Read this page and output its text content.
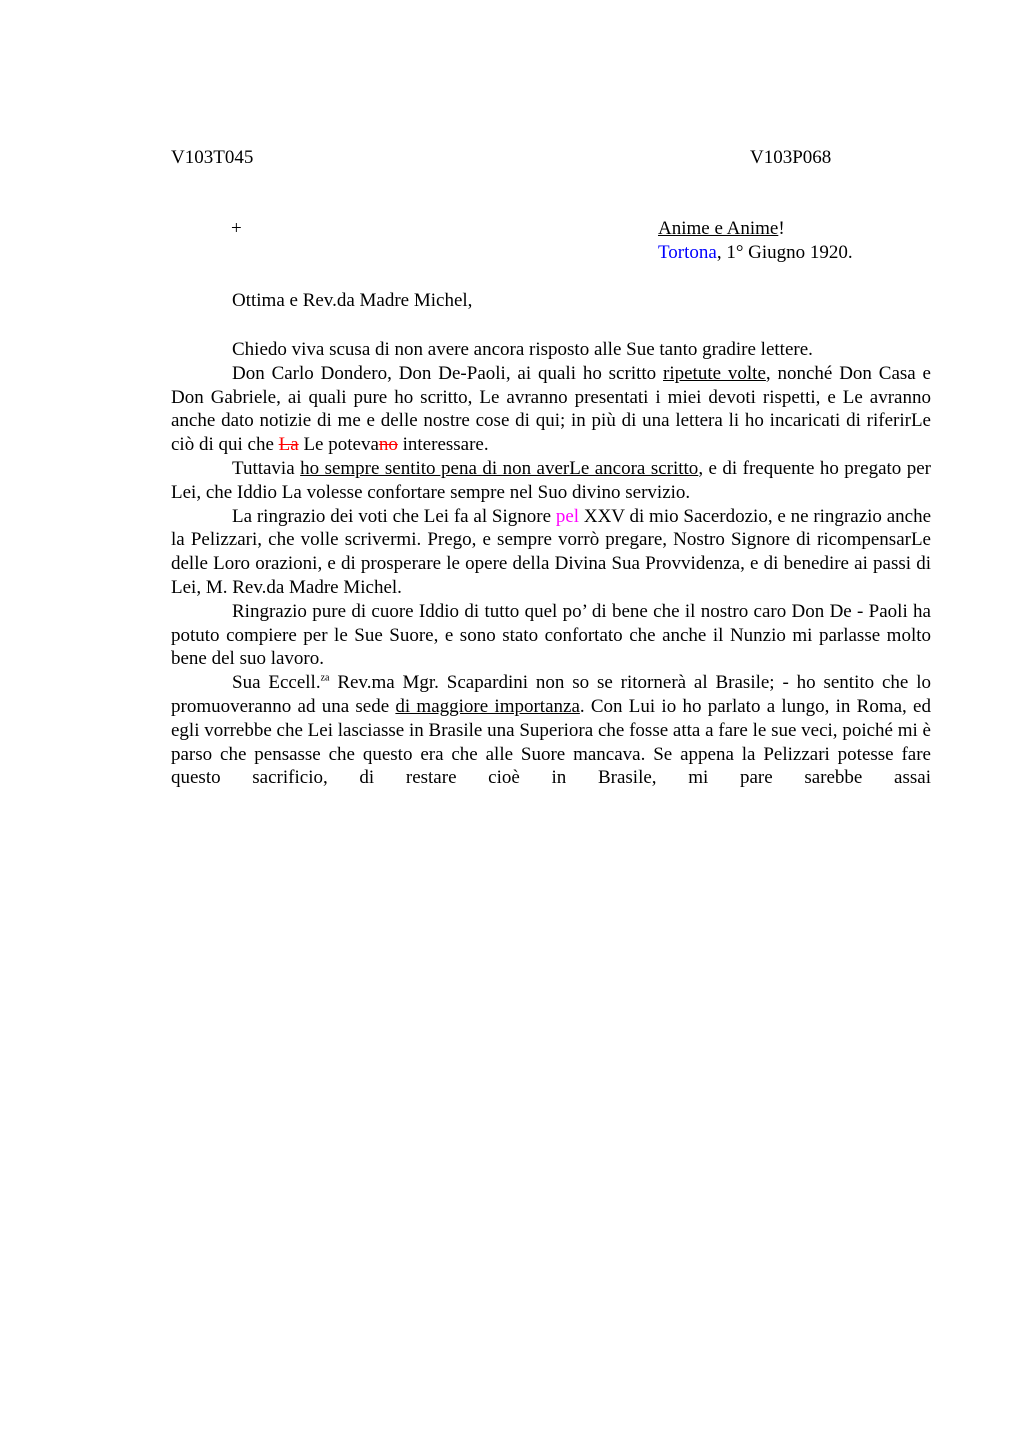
V103T045	V103P068
+	Anime e Anime!
Tortona, 1° Giugno 1920.
Ottima e Rev.da Madre Michel,

Chiedo viva scusa di non avere ancora risposto alle Sue tanto gradire lettere.

Don Carlo Dondero, Don De-Paoli, ai quali ho scritto ripetute volte, nonché Don Casa e Don Gabriele, ai quali pure ho scritto, Le avranno presentati i miei devoti rispetti, e Le avranno anche dato notizie di me e delle nostre cose di qui; in più di una lettera li ho incaricati di riferirLe ciò di qui che La Le potevano interessare.

Tuttavia ho sempre sentito pena di non averLe ancora scritto, e di frequente ho pregato per Lei, che Iddio La volesse confortare sempre nel Suo divino servizio.

La ringrazio dei voti che Lei fa al Signore pel XXV di mio Sacerdozio, e ne ringrazio anche la Pelizzari, che volle scrivermi. Prego, e sempre vorrò pregare, Nostro Signore di ricompensarLe delle Loro orazioni, e di prosperare le opere della Divina Sua Provvidenza, e di benedire ai passi di Lei, M. Rev.da Madre Michel.

Ringrazio pure di cuore Iddio di tutto quel po’ di bene che il nostro caro Don De - Paoli ha potuto compiere per le Sue Suore, e sono stato confortato che anche il Nunzio mi parlasse molto bene del suo lavoro.

Sua Eccell.$^{za}$ Rev.ma Mgr. Scapardini non so se ritornerà al Brasile; - ho sentito che lo promuoveranno ad una sede di maggiore importanza. Con Lui io ho parlato a lungo, in Roma, ed egli vorrebbe che Lei lasciasse in Brasile una Superiora che fosse atta a fare le sue veci, poiché mi è parso che pensasse che questo era che alle Suore mancava. Se appena la Pelizzari potesse fare questo sacrificio, di restare cioè in Brasile, mi pare sarebbe assai
